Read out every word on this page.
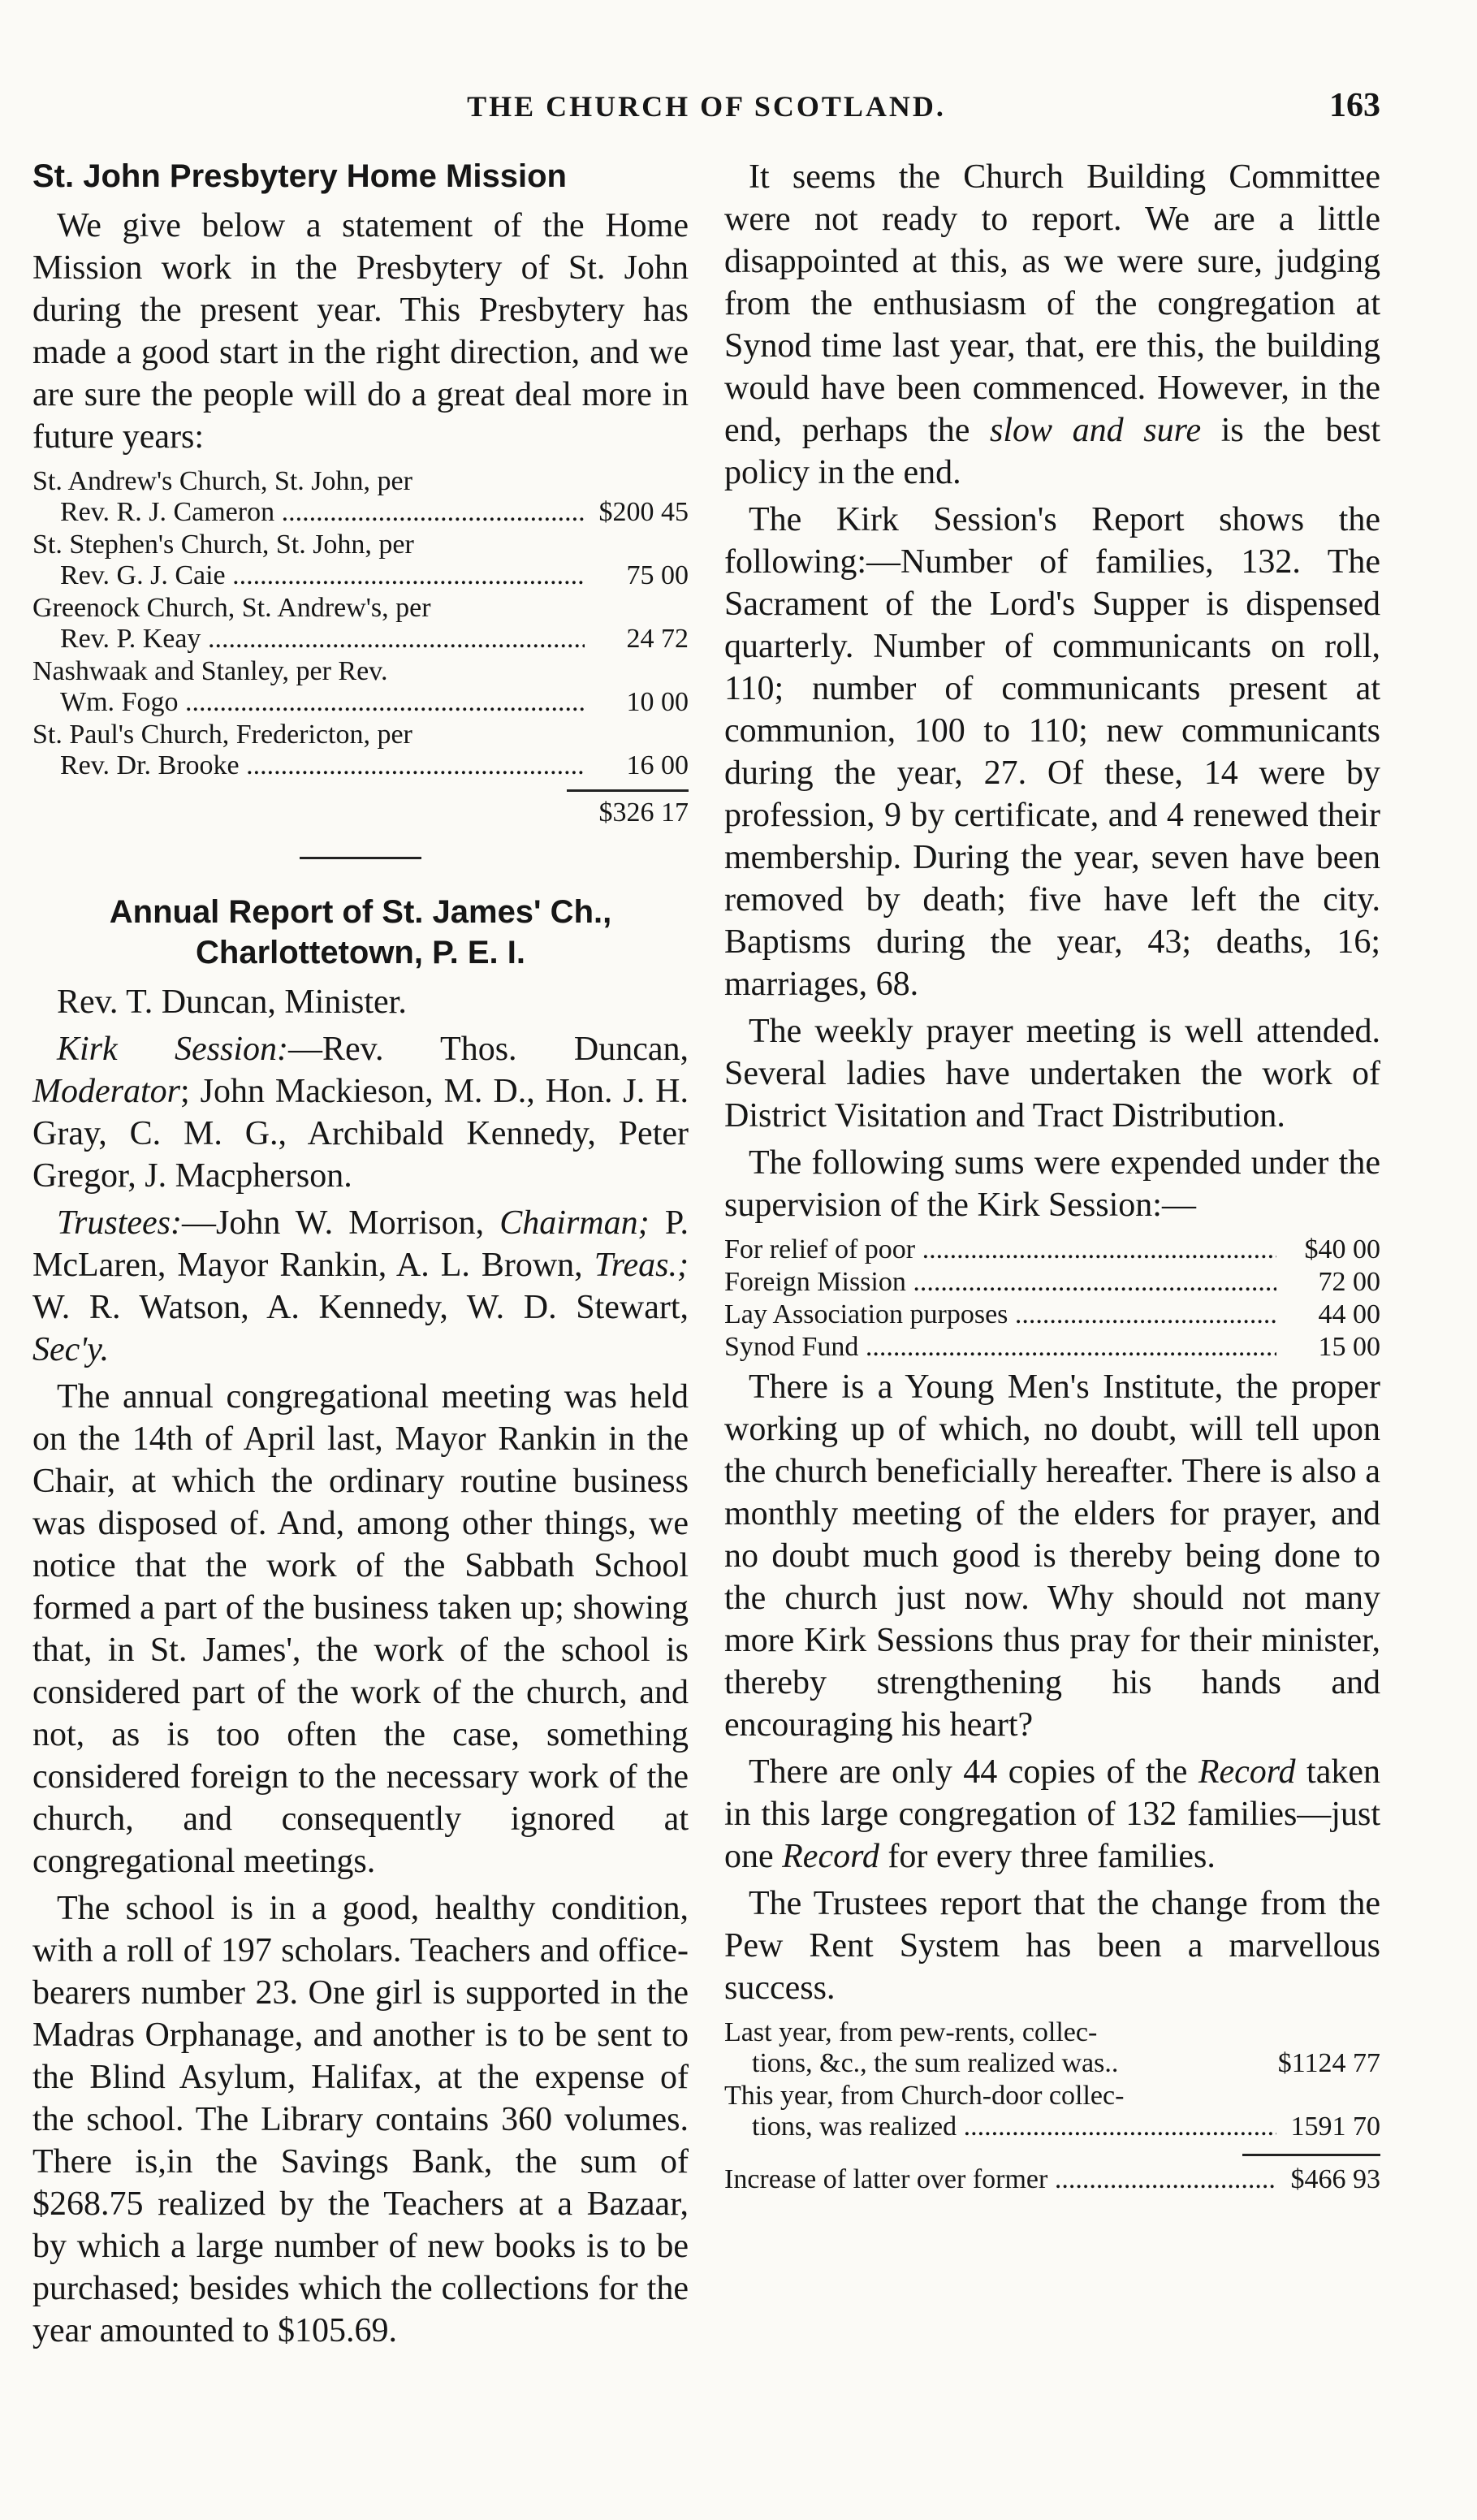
THE CHURCH OF SCOTLAND.	163
St. John Presbytery Home Mission

We give below a statement of the Home Mission work in the Presbytery of St. John during the present year. This Presbytery has made a good start in the right direction, and we are sure the people will do a great deal more in future years:

St. Andrew's Church, St. John, per
Rev. R. J. Cameron .....	$200 45
St. Stephen's Church, St. John, per
Rev. G. J. Caie .....	75 00
Greenock Church, St. Andrew's, per
Rev. P. Keay .....	24 72
Nashwaak and Stanley, per Rev.
Wm. Fogo .....	10 00
St. Paul's Church, Fredericton, per
Rev. Dr. Brooke .....	16 00
$326 17
Annual Report of St. James' Ch.,
Charlottetown, P. E. I.

Rev. T. Duncan, Minister.

Kirk Session:—Rev. Thos. Duncan, Moderator; John Mackieson, M. D., Hon. J. H. Gray, C. M. G., Archibald Kennedy, Peter Gregor, J. Macpherson.

Trustees:—John W. Morrison, Chairman; P. McLaren, Mayor Rankin, A. L. Brown, Treas.; W. R. Watson, A. Kennedy, W. D. Stewart, Sec'y.

The annual congregational meeting was held on the 14th of April last, Mayor Rankin in the Chair, at which the ordinary routine business was disposed of. And, among other things, we notice that the work of the Sabbath School formed a part of the business taken up; showing that, in St. James', the work of the school is considered part of the work of the church, and not, as is too often the case, something considered foreign to the necessary work of the church, and consequently ignored at congregational meetings.

The school is in a good, healthy condition, with a roll of 197 scholars. Teachers and office-bearers number 23. One girl is supported in the Madras Orphanage, and another is to be sent to the Blind Asylum, Halifax, at the expense of the school. The Library contains 360 volumes. There is,in the Savings Bank, the sum of $268.75 realized by the Teachers at a Bazaar, by which a large number of new books is to be purchased; besides which the collections for the year amounted to $105.69.

It seems the Church Building Committee were not ready to report. We are a little disappointed at this, as we were sure, judging from the enthusiasm of the congregation at Synod time last year, that, ere this, the building would have been commenced. However, in the end, perhaps the slow and sure is the best policy in the end.

The Kirk Session's Report shows the following:—Number of families, 132. The Sacrament of the Lord's Supper is dispensed quarterly. Number of communicants on roll, 110; number of communicants present at communion, 100 to 110; new communicants during the year, 27. Of these, 14 were by profession, 9 by certificate, and 4 renewed their membership. During the year, seven have been removed by death; five have left the city. Baptisms during the year, 43; deaths, 16; marriages, 68.

The weekly prayer meeting is well attended. Several ladies have undertaken the work of District Visitation and Tract Distribution.

The following sums were expended under the supervision of the Kirk Session:—

For relief of poor .....	$40 00
Foreign Mission .....	72 00
Lay Association purposes .....	44 00
Synod Fund .....	15 00

There is a Young Men's Institute, the proper working up of which, no doubt, will tell upon the church beneficially hereafter. There is also a monthly meeting of the elders for prayer, and no doubt much good is thereby being done to the church just now. Why should not many more Kirk Sessions thus pray for their minister, thereby strengthening his hands and encouraging his heart?

There are only 44 copies of the Record taken in this large congregation of 132 families—just one Record for every three families.

The Trustees report that the change from the Pew Rent System has been a marvellous success.

Last year, from pew-rents, collec-
tions, &c., the sum realized was..	$1124 77
This year, from Church-door collec-
tions, was realized .....	1591 70
Increase of latter over former .....	$466 93
